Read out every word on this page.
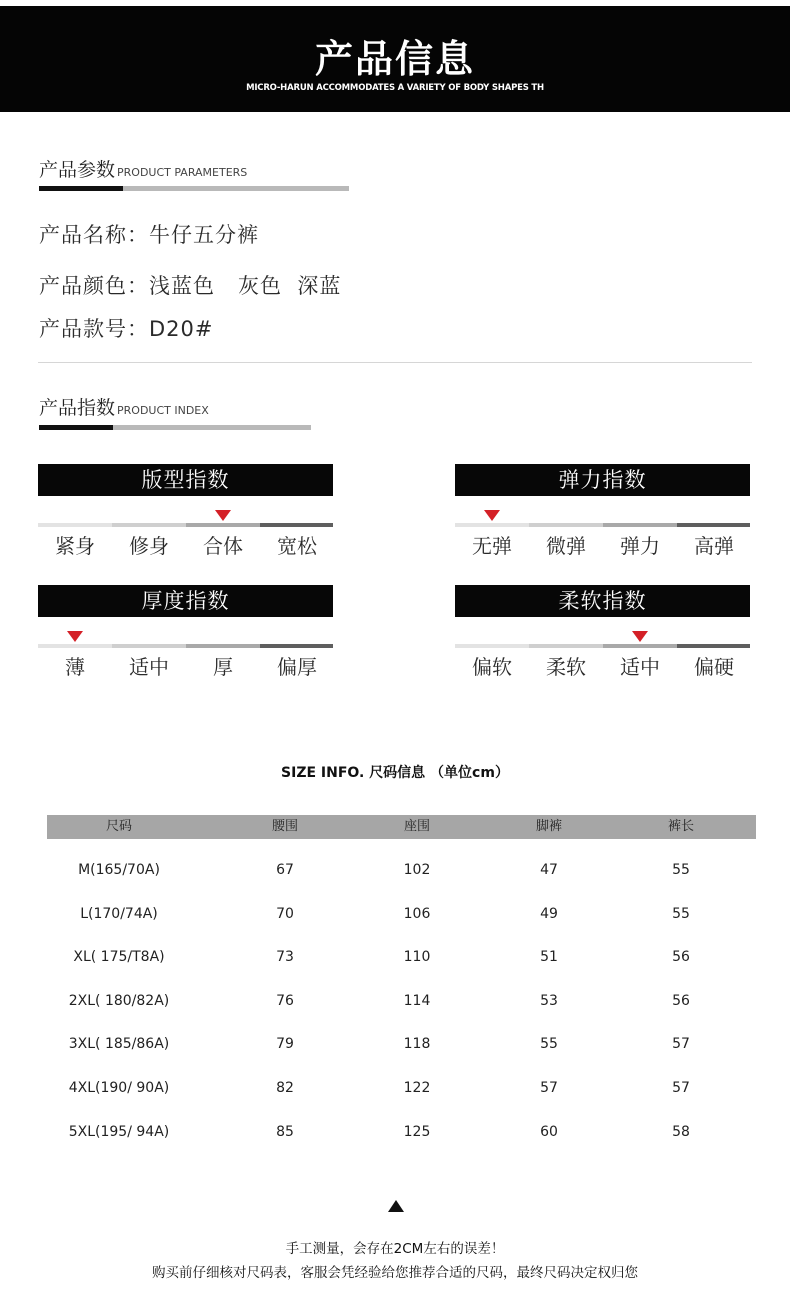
产品信息
MICRO-HARUN ACCOMMODATES A VARIETY OF BODY SHAPES TH
产品参数 PRODUCT PARAMETERS
产品名称：牛仔五分裤
产品颜色：浅蓝色   灰色  深蓝
产品款号：D20#
产品指数 PRODUCT INDEX
版型指数
紧身	修身	合体	宽松
弹力指数
无弹	微弹	弹力	高弹
厚度指数
薄	适中	厚	偏厚
柔软指数
偏软	柔软	适中	偏硬
SIZE INFO. 尺码信息 （单位cm）
尺码	腰围	座围	脚裤	裤长
M(165/70A)	67	102	47	55
L(170/74A)	70	106	49	55
XL( 175/T8A)	73	110	51	56
2XL( 180/82A)	76	114	53	56
3XL( 185/86A)	79	118	55	57
4XL(190/ 90A)	82	122	57	57
5XL(195/ 94A)	85	125	60	58
手工测量，会存在2CM左右的误差！
购买前仔细核对尺码表，客服会凭经验给您推荐合适的尺码，最终尺码决定权归您
